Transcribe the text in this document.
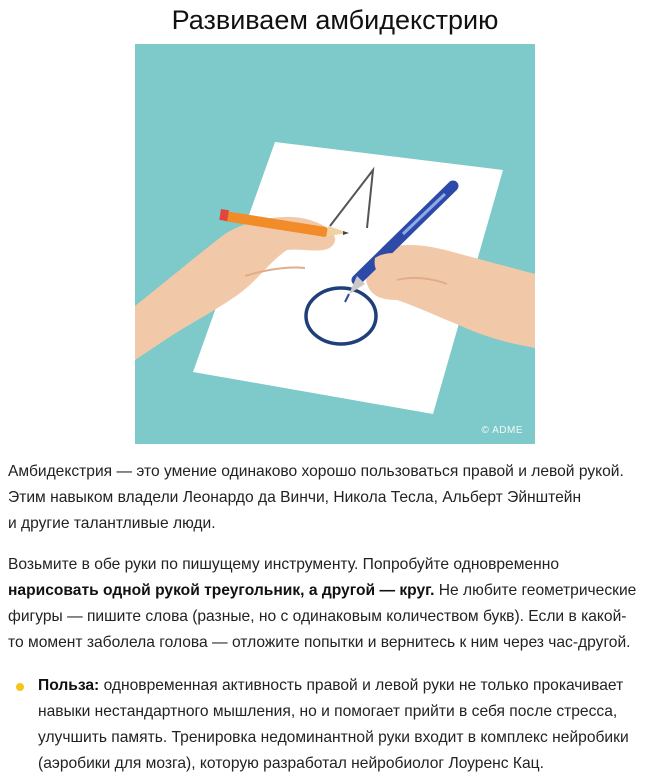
Развиваем амбидекстрию
© ADME

Амбидекстрия — это умение одинаково хорошо пользоваться правой и левой рукой.
Этим навыком владели Леонардо да Винчи, Никола Тесла, Альберт Эйнштейн
и другие талантливые люди.

Возьмите в обе руки по пишущему инструменту. Попробуйте одновременно
нарисовать одной рукой треугольник, а другой — круг. Не любите геометрические
фигуры — пишите слова (разные, но с одинаковым количеством букв). Если в какой-
то момент заболела голова — отложите попытки и вернитесь к ним через час-другой.

Польза: одновременная активность правой и левой руки не только прокачивает
навыки нестандартного мышления, но и помогает прийти в себя после стресса,
улучшить память. Тренировка недоминантной руки входит в комплекс нейробики
(аэробики для мозга), которую разработал нейробиолог Лоуренс Кац.
